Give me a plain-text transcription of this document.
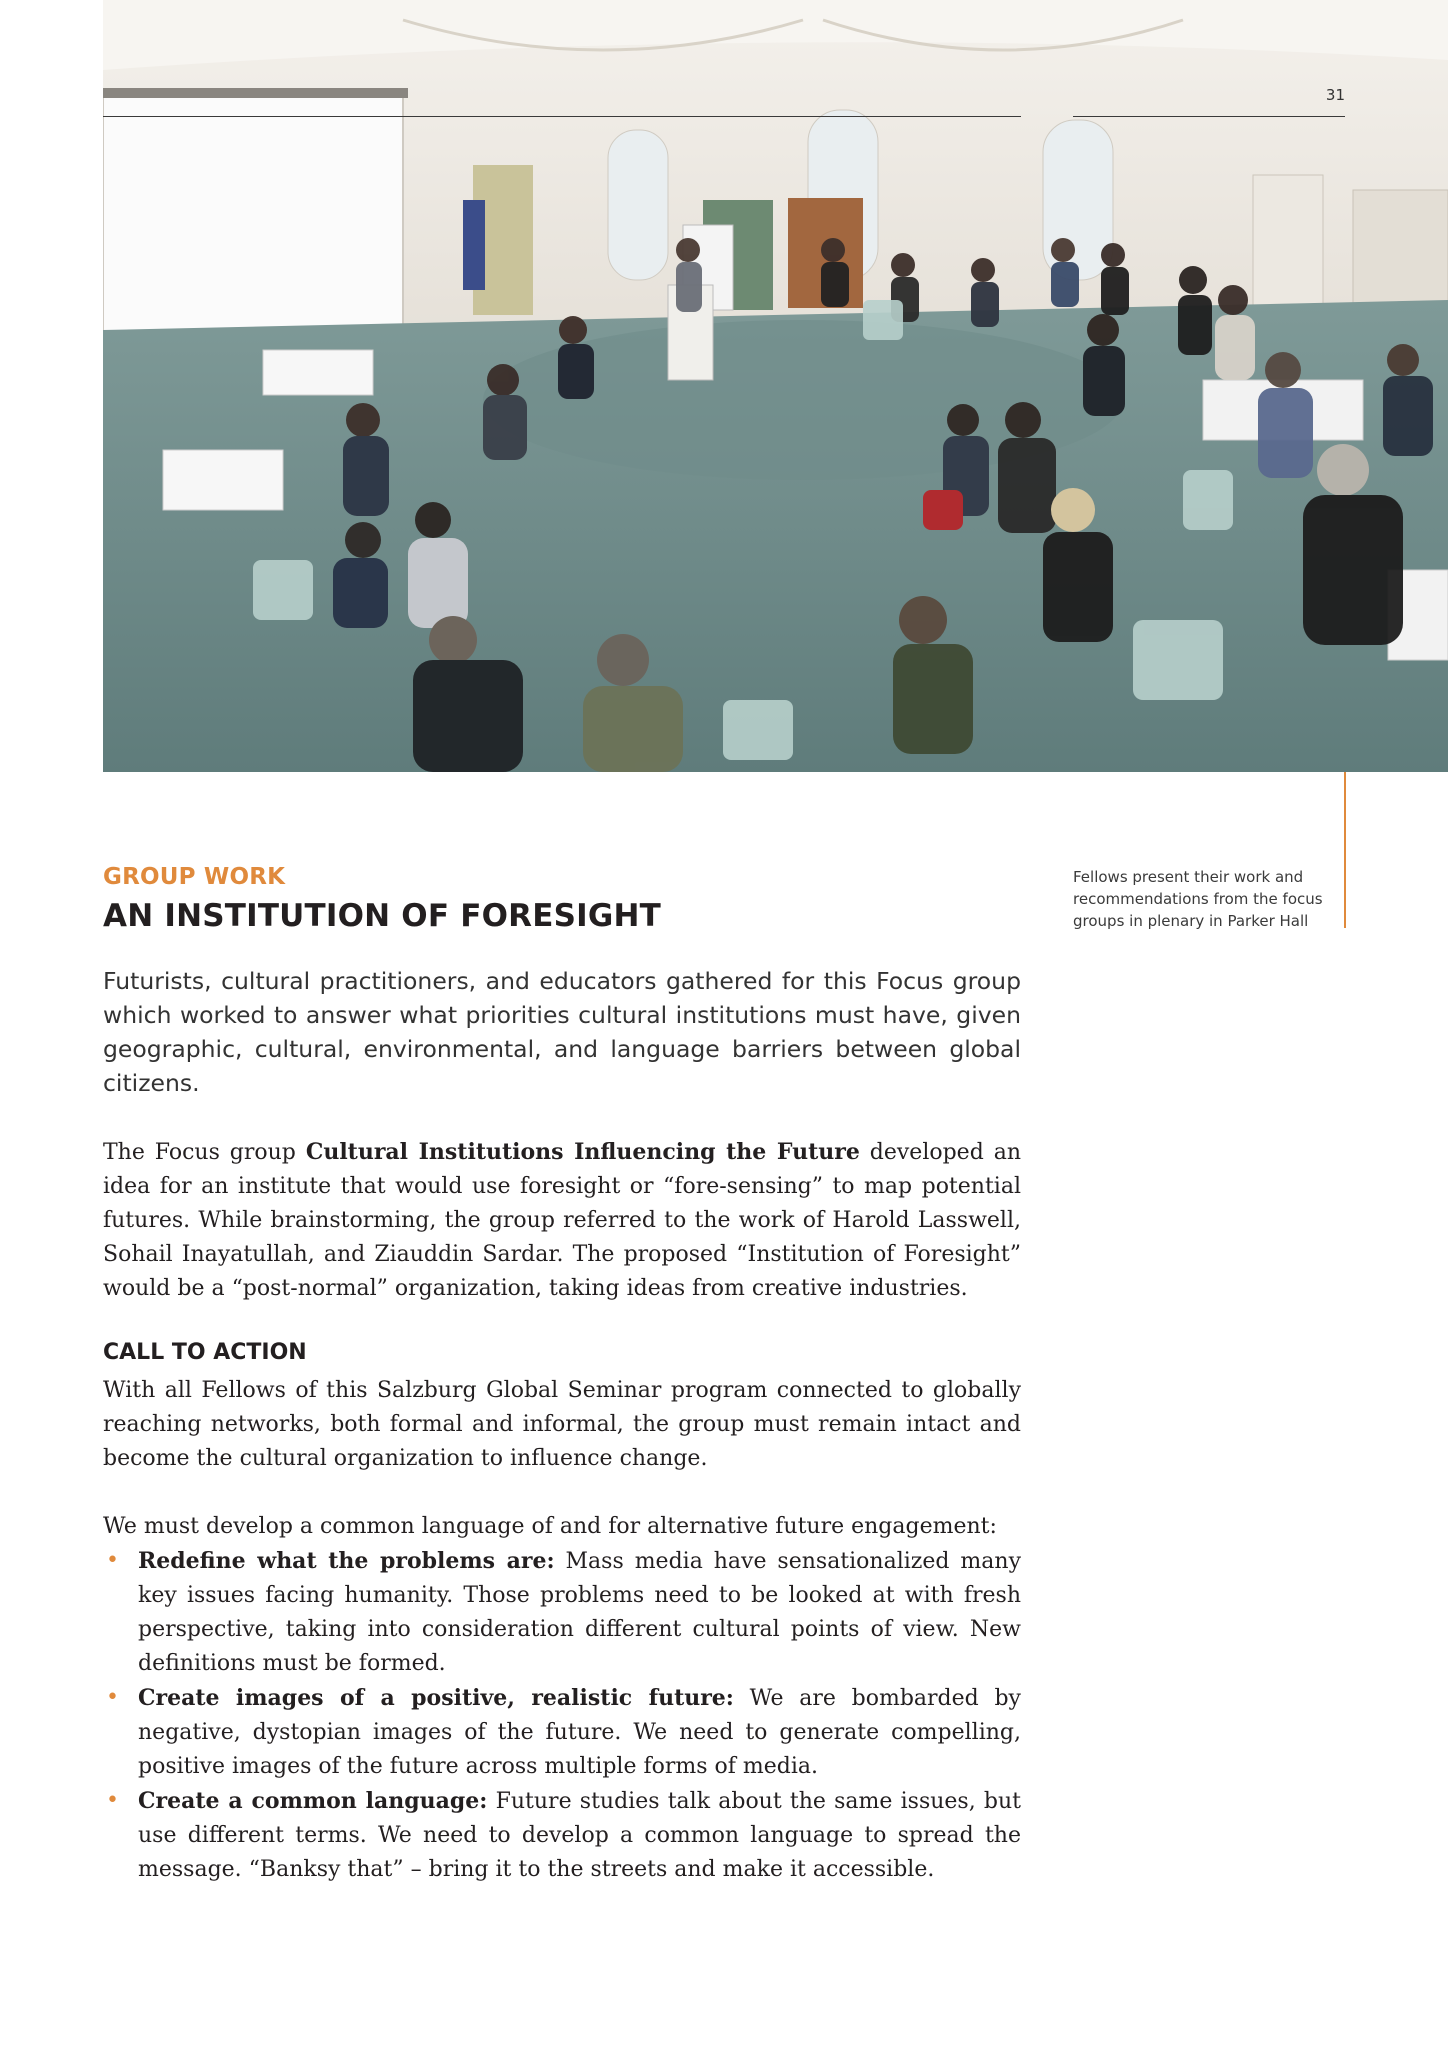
31
Fellows present their work and recommendations from the focus groups in plenary in Parker Hall
GROUP WORK
AN INSTITUTION OF FORESIGHT

Futurists, cultural practitioners, and educators gathered for this Focus group which worked to answer what priorities cultural institutions must have, given geographic, cultural, environmental, and language barriers between global citizens.

The Focus group Cultural Institutions Influencing the Future developed an idea for an institute that would use foresight or “fore-sensing” to map potential futures. While brainstorming, the group referred to the work of Harold Lasswell, Sohail Inayatullah, and Ziauddin Sardar. The proposed “Institution of Foresight” would be a “post-normal” organization, taking ideas from creative industries.

CALL TO ACTION

With all Fellows of this Salzburg Global Seminar program connected to globally reaching networks, both formal and informal, the group must remain intact and become the cultural organization to influence change.

We must develop a common language of and for alternative future engagement:

• Redefine what the problems are: Mass media have sensationalized many key issues facing humanity. Those problems need to be looked at with fresh perspective, taking into consideration different cultural points of view. New definitions must be formed.
• Create images of a positive, realistic future: We are bombarded by negative, dystopian images of the future. We need to generate compelling, positive images of the future across multiple forms of media.
• Create a common language: Future studies talk about the same issues, but use different terms. We need to develop a common language to spread the message. “Banksy that” – bring it to the streets and make it accessible.
